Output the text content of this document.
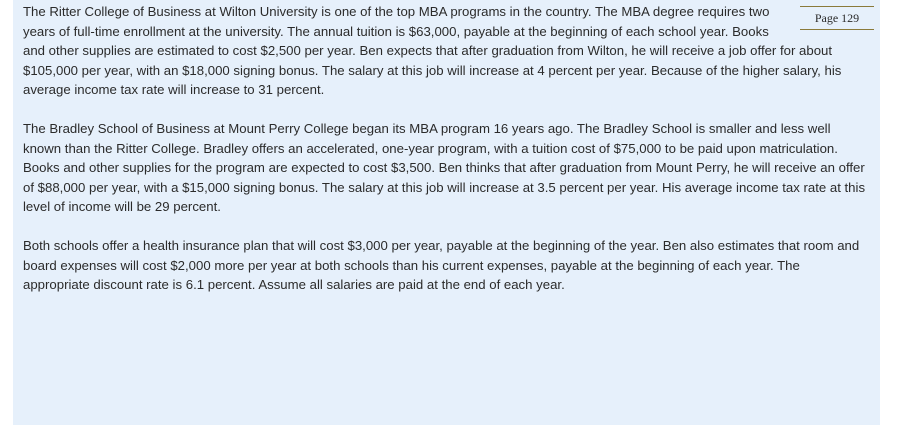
Page 129
The Ritter College of Business at Wilton University is one of the top MBA programs in the country. The MBA degree requires two years of full-time enrollment at the university. The annual tuition is $63,000, payable at the beginning of each school year. Books and other supplies are estimated to cost $2,500 per year. Ben expects that after graduation from Wilton, he will receive a job offer for about $105,000 per year, with an $18,000 signing bonus. The salary at this job will increase at 4 percent per year. Because of the higher salary, his average income tax rate will increase to 31 percent.

The Bradley School of Business at Mount Perry College began its MBA program 16 years ago. The Bradley School is smaller and less well known than the Ritter College. Bradley offers an accelerated, one-year program, with a tuition cost of $75,000 to be paid upon matriculation. Books and other supplies for the program are expected to cost $3,500. Ben thinks that after graduation from Mount Perry, he will receive an offer of $88,000 per year, with a $15,000 signing bonus. The salary at this job will increase at 3.5 percent per year. His average income tax rate at this level of income will be 29 percent.

Both schools offer a health insurance plan that will cost $3,000 per year, payable at the beginning of the year. Ben also estimates that room and board expenses will cost $2,000 more per year at both schools than his current expenses, payable at the beginning of each year. The appropriate discount rate is 6.1 percent. Assume all salaries are paid at the end of each year.
